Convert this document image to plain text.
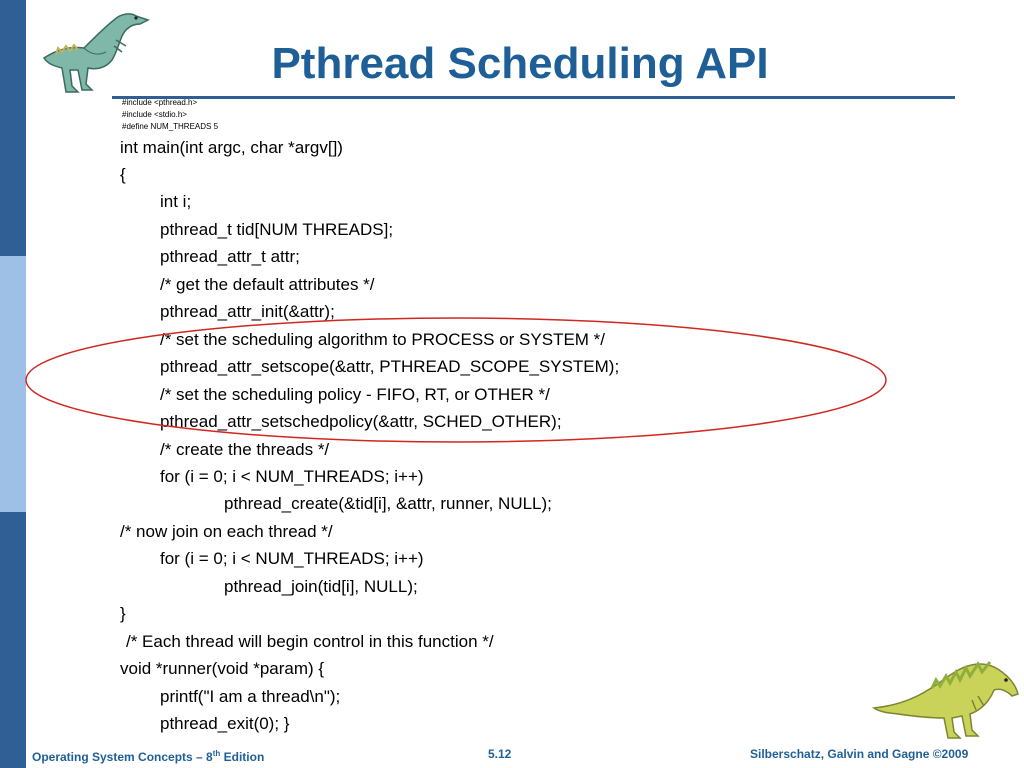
Pthread Scheduling API
#include <pthread.h>
#include <stdio.h>
#define NUM_THREADS 5
int main(int argc, char *argv[])
{
int i;
pthread_t tid[NUM THREADS];
pthread_attr_t attr;
/* get the default attributes */
pthread_attr_init(&attr);
/* set the scheduling algorithm to PROCESS or SYSTEM */
pthread_attr_setscope(&attr, PTHREAD_SCOPE_SYSTEM);
/* set the scheduling policy - FIFO, RT, or OTHER */
pthread_attr_setschedpolicy(&attr, SCHED_OTHER);
/* create the threads */
for (i = 0; i < NUM_THREADS; i++)
pthread_create(&tid[i], &attr, runner, NULL);
/* now join on each thread */
for (i = 0; i < NUM_THREADS; i++)
pthread_join(tid[i], NULL);
}
/* Each thread will begin control in this function */
void *runner(void *param) {
printf("I am a thread\n");
pthread_exit(0); }
Operating System Concepts – 8th Edition	5.12	Silberschatz, Galvin and Gagne ©2009
